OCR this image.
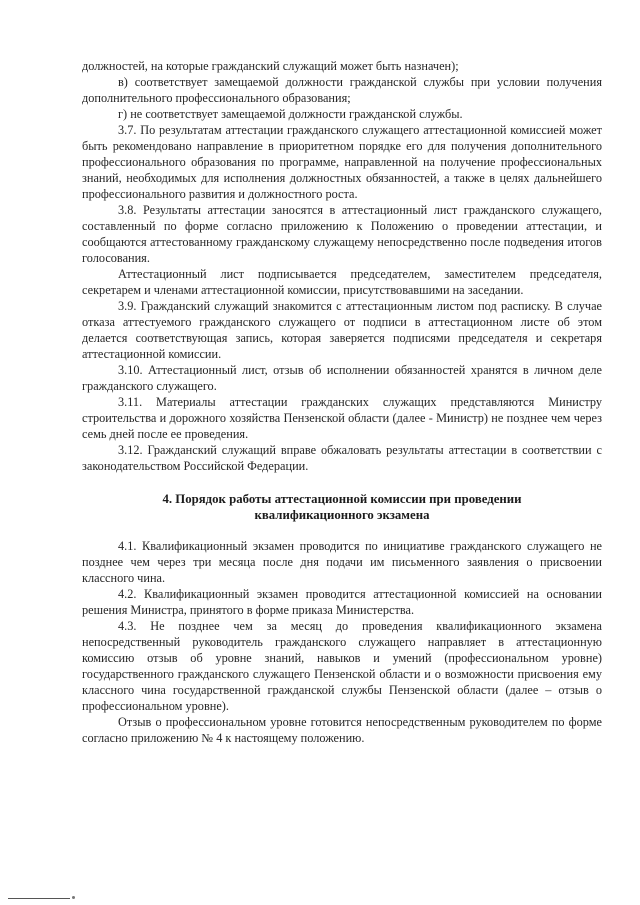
должностей, на которые гражданский служащий может быть назначен);

в) соответствует замещаемой должности гражданской службы при условии получения дополнительного профессионального образования;

г) не соответствует замещаемой должности гражданской службы.

3.7. По результатам аттестации гражданского служащего аттестационной комиссией может быть рекомендовано направление в приоритетном порядке его для получения дополнительного профессионального образования по программе, направленной на получение профессиональных знаний, необходимых для исполнения должностных обязанностей, а также в целях дальнейшего профессионального развития и должностного роста.

3.8. Результаты аттестации заносятся в аттестационный лист гражданского служащего, составленный по форме согласно приложению к Положению о проведении аттестации, и сообщаются аттестованному гражданскому служащему непосредственно после подведения итогов голосования.

Аттестационный лист подписывается председателем, заместителем председателя, секретарем и членами аттестационной комиссии, присутствовавшими на заседании.

3.9. Гражданский служащий знакомится с аттестационным листом под расписку. В случае отказа аттестуемого гражданского служащего от подписи в аттестационном листе об этом делается соответствующая запись, которая заверяется подписями председателя и секретаря аттестационной комиссии.

3.10. Аттестационный лист, отзыв об исполнении обязанностей хранятся в личном деле гражданского служащего.

3.11. Материалы аттестации гражданских служащих представляются Министру строительства и дорожного хозяйства Пензенской области (далее - Министр) не позднее чем через семь дней после ее проведения.

3.12. Гражданский служащий вправе обжаловать результаты аттестации в соответствии с законодательством Российской Федерации.

4. Порядок работы аттестационной комиссии при проведении
квалификационного экзамена

4.1. Квалификационный экзамен проводится по инициативе гражданского служащего не позднее чем через три месяца после дня подачи им письменного заявления о присвоении классного чина.

4.2. Квалификационный экзамен проводится аттестационной комиссией на основании решения Министра, принятого в форме приказа Министерства.

4.3. Не позднее чем за месяц до проведения квалификационного экзамена непосредственный руководитель гражданского служащего направляет в аттестационную комиссию отзыв об уровне знаний, навыков и умений (профессиональном уровне) государственного гражданского служащего Пензенской области и о возможности присвоения ему классного чина государственной гражданской службы Пензенской области (далее – отзыв о профессиональном уровне).

Отзыв о профессиональном уровне готовится непосредственным руководителем по форме согласно приложению № 4 к настоящему положению.
